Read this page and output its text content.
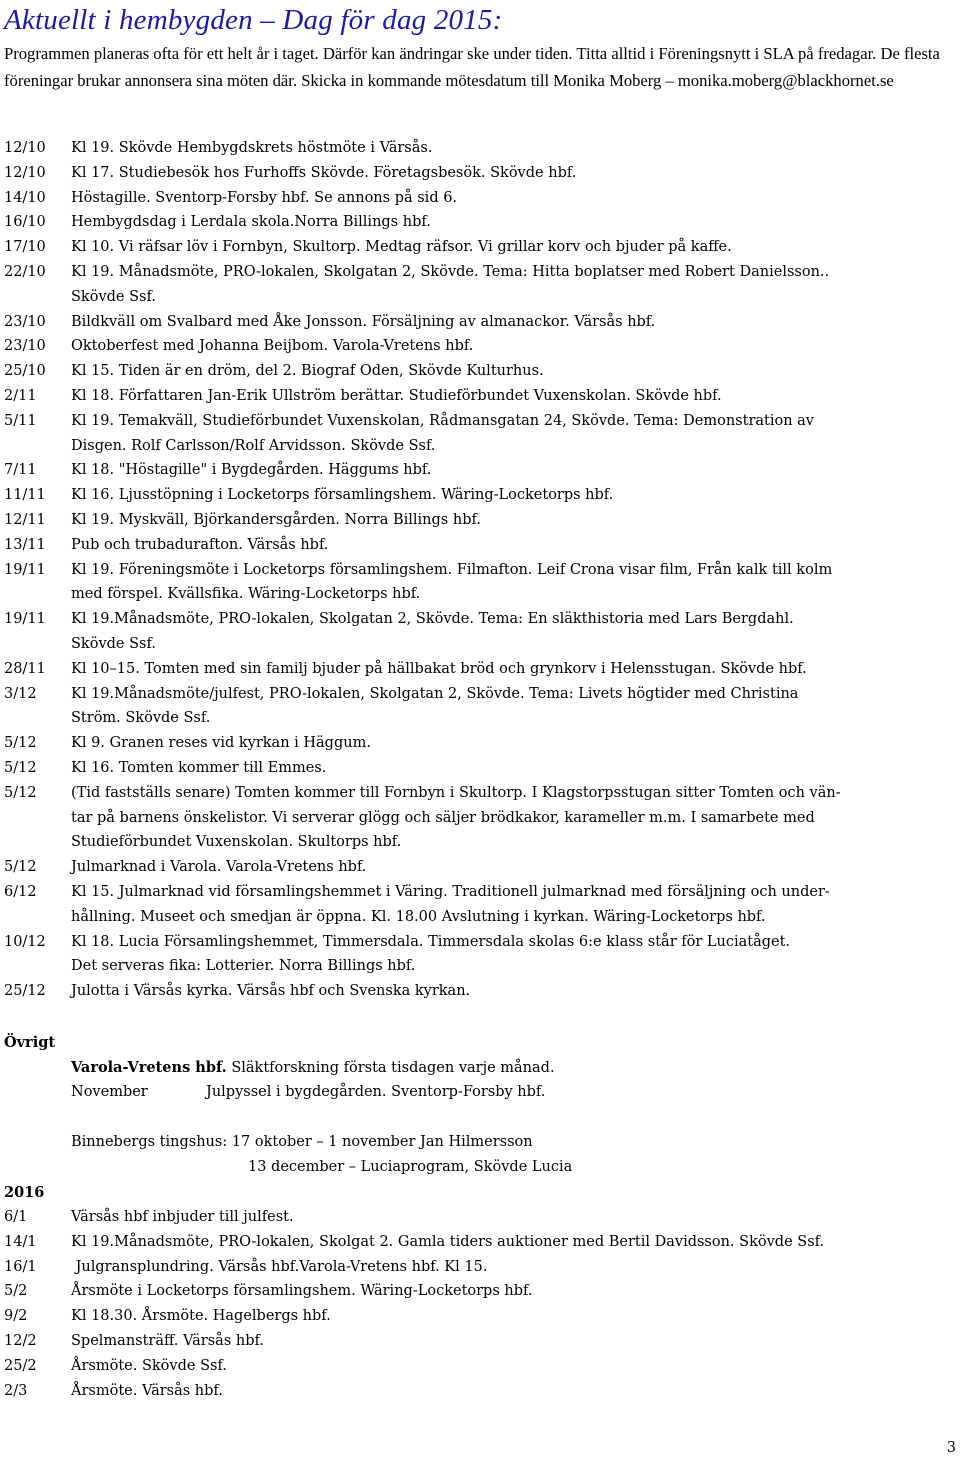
Aktuellt i hembygden – Dag för dag 2015:
Programmen planeras ofta för ett helt år i taget. Därför kan ändringar ske under tiden. Titta alltid i Föreningsnytt i SLA på fredagar. De flesta föreningar brukar annonsera sina möten där. Skicka in kommande mötesdatum till Monika Moberg – monika.moberg@blackhornet.se
12/10 Kl 19. Skövde Hembygdskrets höstmöte i Värsås.
12/10 Kl 17. Studiebesök hos Furhoffs Skövde. Företagsbesök. Skövde hbf.
14/10 Höstagille. Sventorp-Forsby hbf. Se annons på sid 6.
16/10 Hembygdsdag i Lerdala skola.Norra Billings hbf.
17/10 Kl 10. Vi räfsar löv i Fornbyn, Skultorp. Medtag räfsor. Vi grillar korv och bjuder på kaffe.
22/10 Kl 19. Månadsmöte, PRO-lokalen, Skolgatan 2, Skövde. Tema: Hitta boplatser med Robert Danielsson..
Skövde Ssf.
23/10 Bildkväll om Svalbard med Åke Jonsson. Försäljning av almanackor. Värsås hbf.
23/10 Oktoberfest med Johanna Beijbom. Varola-Vretens hbf.
25/10 Kl 15. Tiden är en dröm, del 2. Biograf Oden, Skövde Kulturhus.
2/11 Kl 18. Författaren Jan-Erik Ullström berättar. Studieförbundet Vuxenskolan. Skövde hbf.
5/11 Kl 19. Temakväll, Studieförbundet Vuxenskolan, Rådmansgatan 24, Skövde. Tema: Demonstration av
Disgen. Rolf Carlsson/Rolf Arvidsson. Skövde Ssf.
7/11 Kl 18. "Höstagille" i Bygdegården. Häggums hbf.
11/11 Kl 16. Ljusstöpning i Locketorps församlingshem. Wäring-Locketorps hbf.
12/11 Kl 19. Myskväll, Björkandersgården. Norra Billings hbf.
13/11 Pub och trubadurafton. Värsås hbf.
19/11 Kl 19. Föreningsmöte i Locketorps församlingshem. Filmafton. Leif Crona visar film, Från kalk till kolm
med förspel. Kvällsfika. Wäring-Locketorps hbf.
19/11 Kl 19.Månadsmöte, PRO-lokalen, Skolgatan 2, Skövde. Tema: En släkthistoria med Lars Bergdahl.
Skövde Ssf.
28/11 Kl 10–15. Tomten med sin familj bjuder på hällbakat bröd och grynkorv i Helensstugan. Skövde hbf.
3/12 Kl 19.Månadsmöte/julfest, PRO-lokalen, Skolgatan 2, Skövde. Tema: Livets högtider med Christina
Ström. Skövde Ssf.
5/12 Kl 9. Granen reses vid kyrkan i Häggum.
5/12 Kl 16. Tomten kommer till Emmes.
5/12 (Tid fastställs senare) Tomten kommer till Fornbyn i Skultorp. I Klagstorpsstugan sitter Tomten och vän-
tar på barnens önskelistor. Vi serverar glögg och säljer brödkakor, karameller m.m. I samarbete med
Studieförbundet Vuxenskolan. Skultorps hbf.
5/12 Julmarknad i Varola. Varola-Vretens hbf.
6/12 Kl 15. Julmarknad vid församlingshemmet i Väring. Traditionell julmarknad med försäljning och under-
hållning. Museet och smedjan är öppna. Kl. 18.00 Avslutning i kyrkan. Wäring-Locketorps hbf.
10/12 Kl 18. Lucia Församlingshemmet, Timmersdala. Timmersdala skolas 6:e klass står för Luciatåget.
Det serveras fika: Lotterier. Norra Billings hbf.
25/12 Julotta i Värsås kyrka. Värsås hbf och Svenska kyrkan.
Övrigt
Varola-Vretens hbf. Släktforskning första tisdagen varje månad.
November	Julpyssel i bygdegården. Sventorp-Forsby hbf.
Binnebergs tingshus: 17 oktober – 1 november Jan Hilmersson
13 december – Luciaprogram, Skövde Lucia
2016
6/1	Värsås hbf inbjuder till julfest.
14/1 Kl 19.Månadsmöte, PRO-lokalen, Skolgat 2. Gamla tiders auktioner med Bertil Davidsson. Skövde Ssf.
16/1 Julgransplundring. Värsås hbf.Varola-Vretens hbf. Kl 15.
5/2	Årsmöte i Locketorps församlingshem. Wäring-Locketorps hbf.
9/2	Kl 18.30. Årsmöte. Hagelbergs hbf.
12/2 Spelmansträff. Värsås hbf.
25/2 Årsmöte. Skövde Ssf.
2/3	Årsmöte. Värsås hbf.
3
